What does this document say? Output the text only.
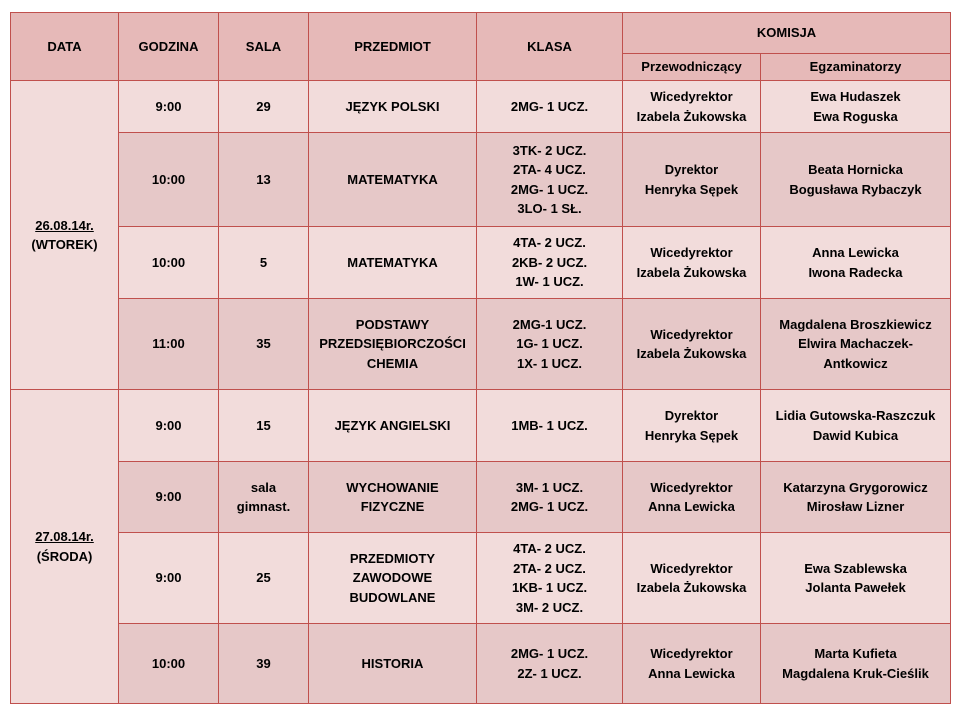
DATA	GODZINA	SALA	PRZEDMIOT	KLASA	KOMISJA	
					Przewodniczący	Egzaminatorzy

26.08.14r.
(WTOREK)	9:00	29	JĘZYK POLSKI	2MG- 1 UCZ.	Wicedyrektor
Izabela Żukowska	Ewa Hudaszek
Ewa Roguska

	10:00	13	MATEMATYKA	3TK- 2 UCZ.
2TA- 4 UCZ.
2MG- 1 UCZ.
3LO- 1 SŁ.	Dyrektor
Henryka Sępek	Beata Hornicka
Bogusława Rybaczyk

	10:00	5	MATEMATYKA	4TA- 2 UCZ.
2KB- 2 UCZ.
1W- 1 UCZ.	Wicedyrektor
Izabela Żukowska	Anna Lewicka
Iwona Radecka

	11:00	35	PODSTAWY
PRZEDSIĘBIORCZOŚCI
CHEMIA	2MG-1 UCZ.
1G- 1 UCZ.
1X- 1 UCZ.	Wicedyrektor
Izabela Żukowska	Magdalena Broszkiewicz
Elwira Machaczek-
Antkowicz

27.08.14r.
(ŚRODA)	9:00	15	JĘZYK ANGIELSKI	1MB- 1 UCZ.	Dyrektor
Henryka Sępek	Lidia Gutowska-Raszczuk
Dawid Kubica

	9:00	sala
gimnast.	WYCHOWANIE
FIZYCZNE	3M- 1 UCZ.
2MG- 1 UCZ.	Wicedyrektor
Anna Lewicka	Katarzyna Grygorowicz
Mirosław Lizner

	9:00	25	PRZEDMIOTY
ZAWODOWE
BUDOWLANE	4TA- 2 UCZ.
2TA- 2 UCZ.
1KB- 1 UCZ.
3M- 2 UCZ.	Wicedyrektor
Izabela Żukowska	Ewa Szablewska
Jolanta Pawełek

	10:00	39	HISTORIA	2MG- 1 UCZ.
2Z- 1 UCZ.	Wicedyrektor
Anna Lewicka	Marta Kufieta
Magdalena Kruk-Cieślik
